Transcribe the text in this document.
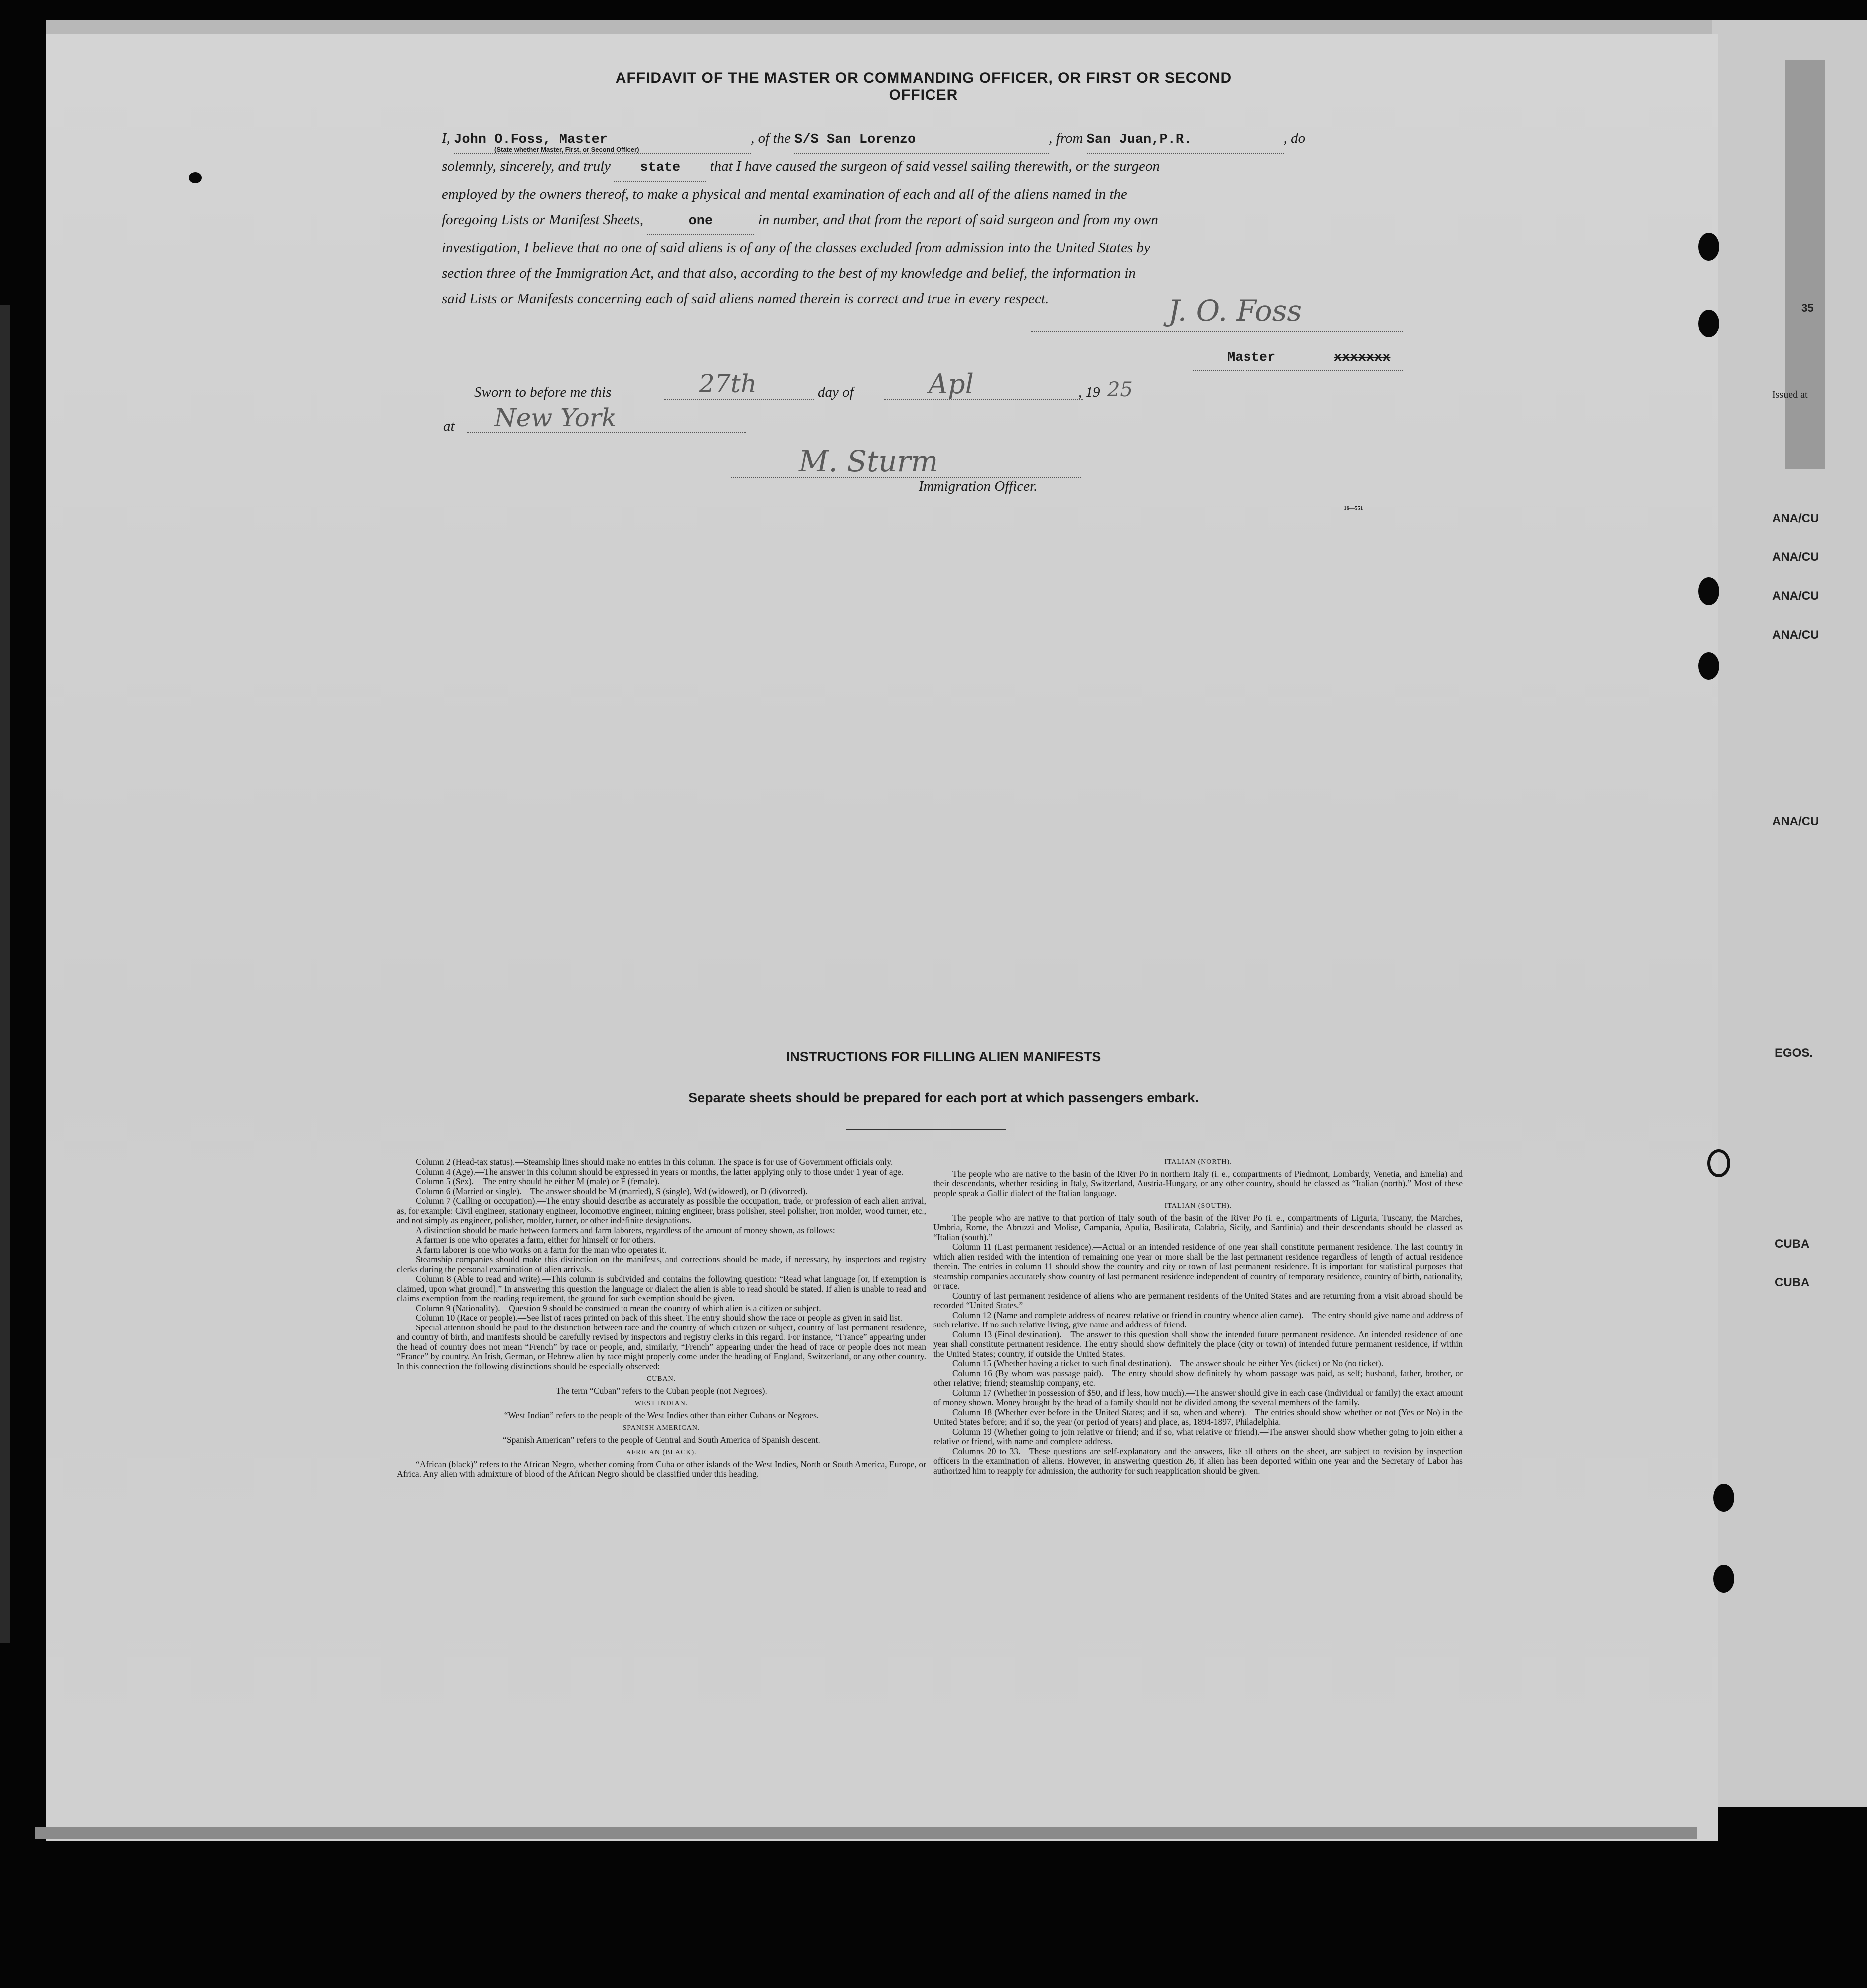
35
Issued at
ANA/CU
ANA/CU
ANA/CU
ANA/CU
ANA/CU
EGOS.
CUBA
CUBA
AFFIDAVIT OF THE MASTER OR COMMANDING OFFICER, OR FIRST OR SECOND OFFICER
I,
John O.Foss, Master	, of the
S/S San Lorenzo	, from
San Juan,P.R.	, do
solemnly, sincerely, and truly
	state
	that I have caused the surgeon of said vessel sailing therewith, or the surgeon
employed by the owners thereof, to make a physical and mental examination of each and all of the aliens named in the
foregoing Lists or Manifest Sheets,
	one
	in number, and that from the report of said surgeon and from my own
investigation, I believe that no one of said aliens is of any of the classes excluded from admission into the United States by
section three of the Immigration Act, and that also, according to the best of my knowledge and belief, the information in
said Lists or Manifests concerning each of said aliens named therein is correct and true in every respect.
(State whether Master, First, or Second Officer)
J. O. Foss
Master	xxxxxxx
Sworn to before me this	27th	day of	Apl	, 19 25
at New York
M. Sturm
Immigration Officer.
16—551
INSTRUCTIONS FOR FILLING ALIEN MANIFESTS
Separate sheets should be prepared for each port at which passengers embark.

Column 2 (Head-tax status).—Steamship lines should make no entries in this column. The space is for use of Government officials only.

Column 4 (Age).—The answer in this column should be expressed in years or months, the latter applying only to those under 1 year of age.

Column 5 (Sex).—The entry should be either M (male) or F (female).

Column 6 (Married or single).—The answer should be M (married), S (single), Wd (widowed), or D (divorced).

Column 7 (Calling or occupation).—The entry should describe as accurately as possible the occupation, trade, or profession of each alien arrival, as, for example: Civil engineer, stationary engineer, locomotive engineer, mining engineer, brass polisher, steel polisher, iron molder, wood turner, etc., and not simply as engineer, polisher, molder, turner, or other indefinite designations.

A distinction should be made between farmers and farm laborers, regardless of the amount of money shown, as follows:

A farmer is one who operates a farm, either for himself or for others.

A farm laborer is one who works on a farm for the man who operates it.

Steamship companies should make this distinction on the manifests, and corrections should be made, if necessary, by inspectors and registry clerks during the personal examination of alien arrivals.

Column 8 (Able to read and write).—This column is subdivided and contains the following question: “Read what language [or, if exemption is claimed, upon what ground].” In answering this question the language or dialect the alien is able to read should be stated. If alien is unable to read and claims exemption from the reading requirement, the ground for such exemption should be given.

Column 9 (Nationality).—Question 9 should be construed to mean the country of which alien is a citizen or subject.

Column 10 (Race or people).—See list of races printed on back of this sheet. The entry should show the race or people as given in said list.

Special attention should be paid to the distinction between race and the country of which citizen or subject, country of last permanent residence, and country of birth, and manifests should be carefully revised by inspectors and registry clerks in this regard. For instance, “France” appearing under the head of country does not mean “French” by race or people, and, similarly, “French” appearing under the head of race or people does not mean “France” by country. An Irish, German, or Hebrew alien by race might properly come under the heading of England, Switzerland, or any other country. In this connection the following distinctions should be especially observed:

CUBAN.

The term “Cuban” refers to the Cuban people (not Negroes).

WEST INDIAN.

“West Indian” refers to the people of the West Indies other than either Cubans or Negroes.

SPANISH AMERICAN.

“Spanish American” refers to the people of Central and South America of Spanish descent.

AFRICAN (BLACK).

“African (black)” refers to the African Negro, whether coming from Cuba or other islands of the West Indies, North or South America, Europe, or Africa. Any alien with admixture of blood of the African Negro should be classified under this heading.

ITALIAN (NORTH).

The people who are native to the basin of the River Po in northern Italy (i. e., compartments of Piedmont, Lombardy, Venetia, and Emelia) and their descendants, whether residing in Italy, Switzerland, Austria-Hungary, or any other country, should be classed as “Italian (north).” Most of these people speak a Gallic dialect of the Italian language.

ITALIAN (SOUTH).

The people who are native to that portion of Italy south of the basin of the River Po (i. e., compartments of Liguria, Tuscany, the Marches, Umbria, Rome, the Abruzzi and Molise, Campania, Apulia, Basilicata, Calabria, Sicily, and Sardinia) and their descendants should be classed as “Italian (south).”

Column 11 (Last permanent residence).—Actual or an intended residence of one year shall constitute permanent residence. The last country in which alien resided with the intention of remaining one year or more shall be the last permanent residence regardless of length of actual residence therein. The entries in column 11 should show the country and city or town of last permanent residence. It is important for statistical purposes that steamship companies accurately show country of last permanent residence independent of country of temporary residence, country of birth, nationality, or race.

Country of last permanent residence of aliens who are permanent residents of the United States and are returning from a visit abroad should be recorded “United States.”

Column 12 (Name and complete address of nearest relative or friend in country whence alien came).—The entry should give name and address of such relative. If no such relative living, give name and address of friend.

Column 13 (Final destination).—The answer to this question shall show the intended future permanent residence. An intended residence of one year shall constitute permanent residence. The entry should show definitely the place (city or town) of intended future permanent residence, if within the United States; country, if outside the United States.

Column 15 (Whether having a ticket to such final destination).—The answer should be either Yes (ticket) or No (no ticket).

Column 16 (By whom was passage paid).—The entry should show definitely by whom passage was paid, as self; husband, father, brother, or other relative; friend; steamship company, etc.

Column 17 (Whether in possession of $50, and if less, how much).—The answer should give in each case (individual or family) the exact amount of money shown. Money brought by the head of a family should not be divided among the several members of the family.

Column 18 (Whether ever before in the United States; and if so, when and where).—The entries should show whether or not (Yes or No) in the United States before; and if so, the year (or period of years) and place, as, 1894-1897, Philadelphia.

Column 19 (Whether going to join relative or friend; and if so, what relative or friend).—The answer should show whether going to join either a relative or friend, with name and complete address.

Columns 20 to 33.—These questions are self-explanatory and the answers, like all others on the sheet, are subject to revision by inspection officers in the examination of aliens. However, in answering question 26, if alien has been deported within one year and the Secretary of Labor has authorized him to reapply for admission, the authority for such reapplication should be given.
